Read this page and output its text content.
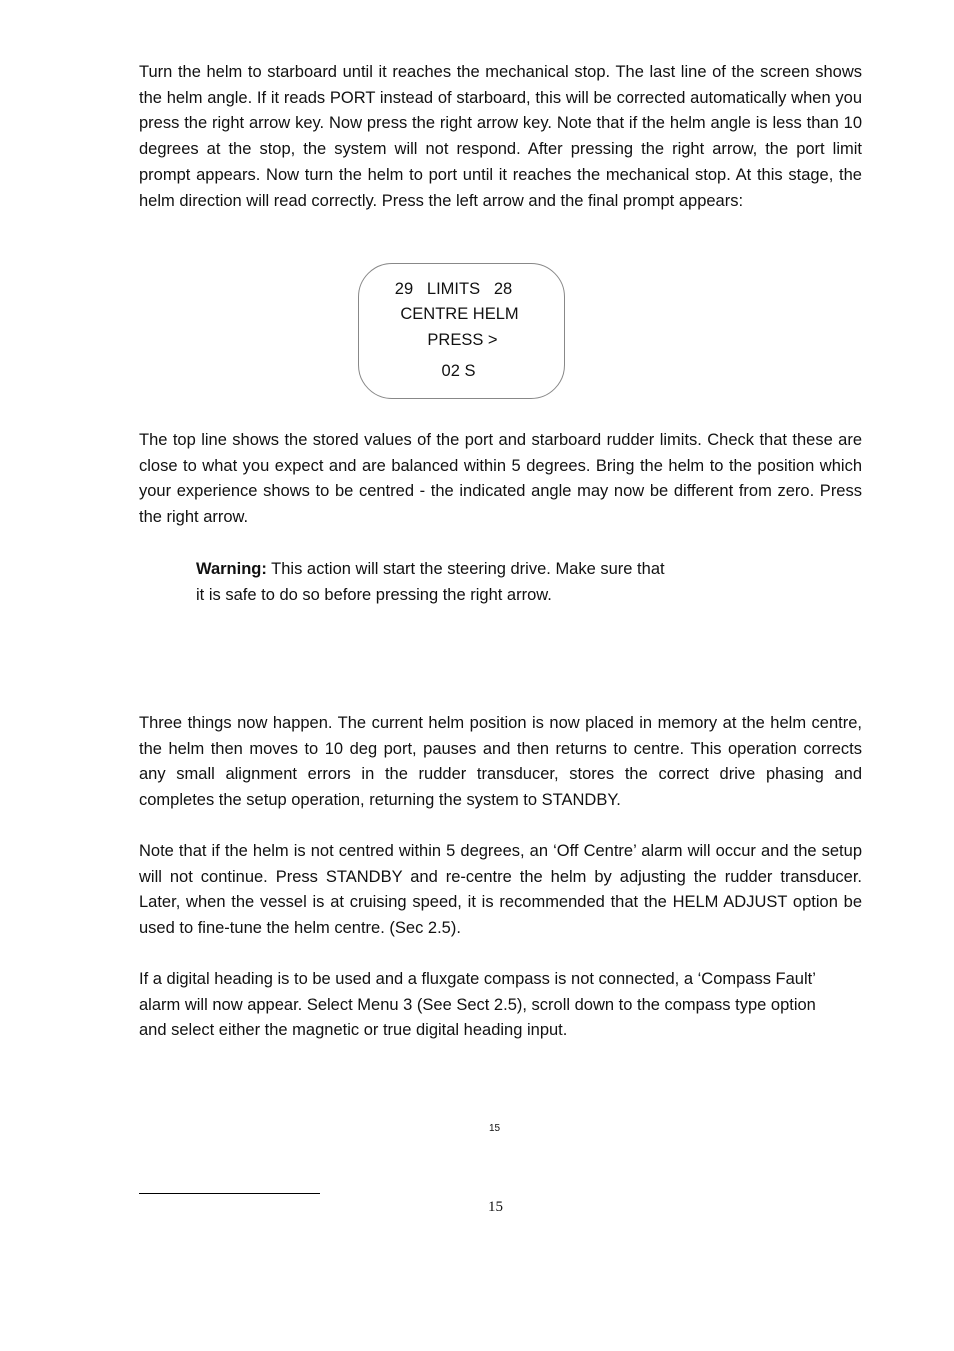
Turn the helm to starboard until it reaches the mechanical stop. The last line of the screen shows the helm angle. If it reads PORT instead of starboard, this will be corrected automatically when you press the right arrow key. Now press the right arrow key. Note that if the helm angle is less than 10 degrees at the stop, the system will not respond. After pressing the right arrow, the port limit prompt appears. Now turn the helm to port until it reaches the mechanical stop. At this stage, the helm direction will read correctly. Press the left arrow and the final prompt appears:

29   LIMITS   28
CENTRE HELM
PRESS >
02 S

The top line shows the stored values of the port and starboard rudder limits. Check that these are close to what you expect and are balanced within 5 degrees. Bring the helm to the position which your experience shows to be centred - the indicated angle may now be different from zero. Press the right arrow.

Warning: This action will start the steering drive. Make sure that
it is safe to do so before pressing the right arrow.

Three things now happen. The current helm position is now placed in memory at the helm centre, the helm then moves to 10 deg port, pauses and then returns to centre. This operation corrects any small alignment errors in the rudder transducer, stores the correct drive phasing and completes the setup operation, returning the system to STANDBY.

Note that if the helm is not centred within 5 degrees, an ‘Off Centre’ alarm will occur and the setup will not continue. Press STANDBY and re-centre the helm by adjusting the rudder transducer. Later, when the vessel is at cruising speed, it is recommended that the HELM ADJUST option be used to fine-tune the helm centre. (Sec 2.5).

If a digital heading is to be used and a fluxgate compass is not connected, a ‘Compass Fault’ alarm will now appear. Select Menu 3 (See Sect 2.5), scroll down to the compass type option and select either the magnetic or true digital heading input.

15
15
